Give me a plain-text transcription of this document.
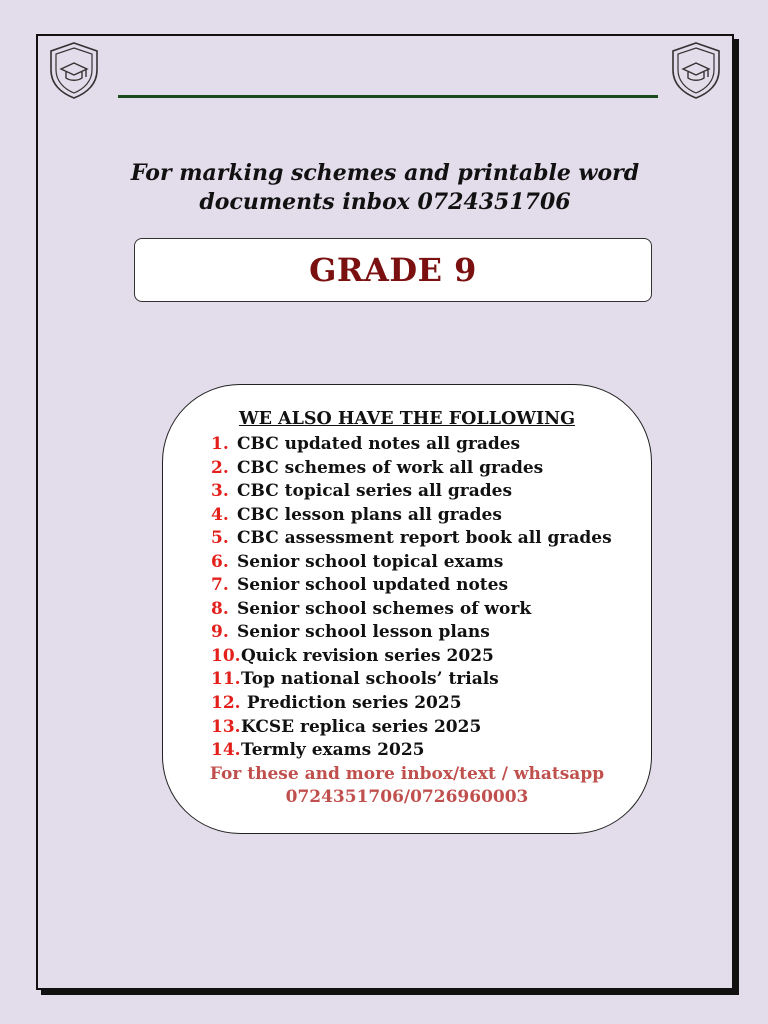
For marking schemes and printable word
documents inbox 0724351706
GRADE 9
WE ALSO HAVE THE FOLLOWING
1. CBC updated notes all grades
2. CBC schemes of work all grades
3. CBC topical series all grades
4. CBC lesson plans all grades
5. CBC assessment report book all grades
6. Senior school topical exams
7. Senior school updated notes
8. Senior school schemes of work
9. Senior school lesson plans
10.Quick revision series 2025
11.Top national schools’ trials
12. Prediction series 2025
13.KCSE replica series 2025
14.Termly exams 2025
For these and more inbox/text / whatsapp
0724351706/0726960003
